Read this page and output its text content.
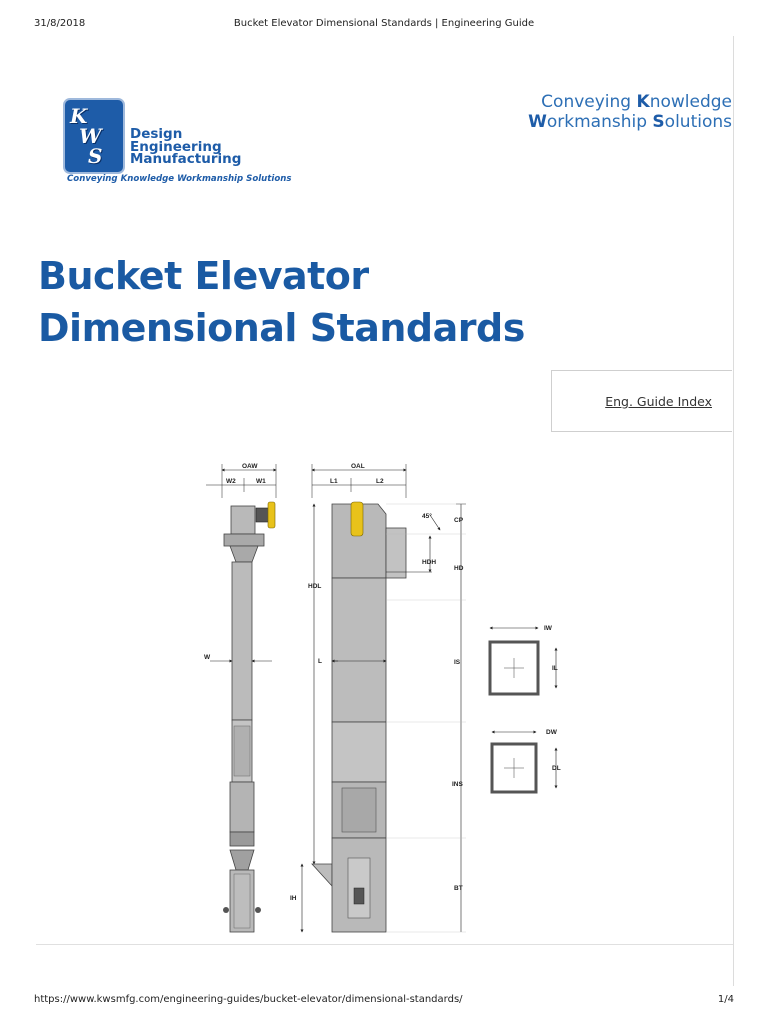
31/8/2018	Bucket Elevator Dimensional Standards | Engineering Guide
K
W
S
Design
Engineering
Manufacturing
Conveying Knowledge Workmanship Solutions
Conveying Knowledge
Workmanship Solutions
Bucket Elevator
Dimensional Standards
Eng. Guide Index
OAW
W2	W1
W
OAL
L1	L2
HDL
HDH
L
45°
CP
HD
IS
INS
BT
IH
IW
IL
DW
DL
https://www.kwsmfg.com/engineering-guides/bucket-elevator/dimensional-standards/	1/4
